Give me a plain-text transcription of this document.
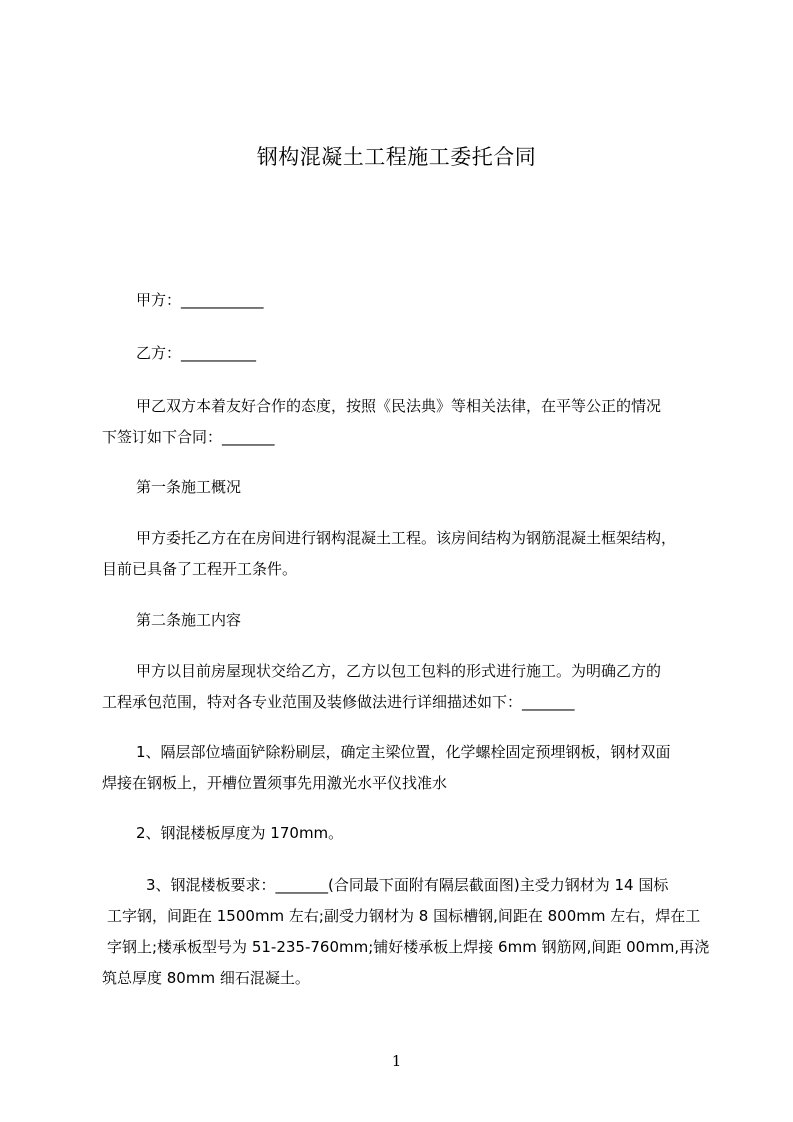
钢构混凝土工程施工委托合同

甲方：___________

乙方：__________

甲乙双方本着友好合作的态度，按照《民法典》等相关法律，在平等公正的情况
下签订如下合同：_______

第一条施工概况

甲方委托乙方在在房间进行钢构混凝土工程。该房间结构为钢筋混凝土框架结构，
目前已具备了工程开工条件。

第二条施工内容

甲方以目前房屋现状交给乙方，乙方以包工包料的形式进行施工。为明确乙方的
工程承包范围，特对各专业范围及装修做法进行详细描述如下：_______

1、隔层部位墙面铲除粉刷层，确定主梁位置，化学螺栓固定预埋钢板，钢材双面
焊接在钢板上，开槽位置须事先用激光水平仪找准水

2、钢混楼板厚度为 170mm。

3、钢混楼板要求：_______(合同最下面附有隔层截面图)主受力钢材为 14 国标
工字钢，间距在 1500mm 左右;副受力钢材为 8 国标槽钢,间距在 800mm 左右，焊在工
字钢上;楼承板型号为 51-235-760mm;铺好楼承板上焊接 6mm 钢筋网,间距 00mm,再浇
筑总厚度 80mm 细石混凝土。

1
